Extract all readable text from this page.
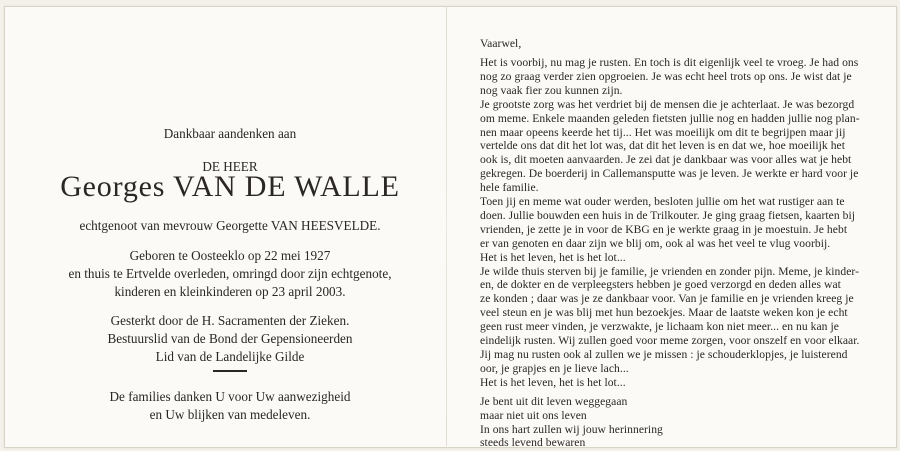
Dankbaar aandenken aan
DE HEER
Georges VAN DE WALLE
echtgenoot van mevrouw Georgette VAN HEESVELDE.
Geboren te Oosteeklo op 22 mei 1927
en thuis te Ertvelde overleden, omringd door zijn echtgenote,
kinderen en kleinkinderen op 23 april 2003.
Gesterkt door de H. Sacramenten der Zieken.
Bestuurslid van de Bond der Gepensioneerden
Lid van de Landelijke Gilde
De families danken U voor Uw aanwezigheid
en Uw blijken van medeleven.
Vaarwel,
Het is voorbij, nu mag je rusten. En toch is dit eigenlijk veel te vroeg. Je had ons
nog zo graag verder zien opgroeien. Je was echt heel trots op ons. Je wist dat je
nog vaak fier zou kunnen zijn.
Je grootste zorg was het verdriet bij de mensen die je achterlaat. Je was bezorgd
om meme. Enkele maanden geleden fietsten jullie nog en hadden jullie nog plan-
nen maar opeens keerde het tij... Het was moeilijk om dit te begrijpen maar jij
vertelde ons dat dit het lot was, dat dit het leven is en dat we, hoe moeilijk het
ook is, dit moeten aanvaarden. Je zei dat je dankbaar was voor alles wat je hebt
gekregen. De boerderij in Callemansputte was je leven. Je werkte er hard voor je
hele familie.
Toen jij en meme wat ouder werden, besloten jullie om het wat rustiger aan te
doen. Jullie bouwden een huis in de Trilkouter. Je ging graag fietsen, kaarten bij
vrienden, je zette je in voor de KBG en je werkte graag in je moestuin. Je hebt
er van genoten en daar zijn we blij om, ook al was het veel te vlug voorbij.
Het is het leven, het is het lot...
Je wilde thuis sterven bij je familie, je vrienden en zonder pijn. Meme, je kinder-
en, de dokter en de verpleegsters hebben je goed verzorgd en deden alles wat
ze konden ; daar was je ze dankbaar voor. Van je familie en je vrienden kreeg je
veel steun en je was blij met hun bezoekjes. Maar de laatste weken kon je echt
geen rust meer vinden, je verzwakte, je lichaam kon niet meer... en nu kan je
eindelijk rusten. Wij zullen goed voor meme zorgen, voor onszelf en voor elkaar.
Jij mag nu rusten ook al zullen we je missen : je schouderklopjes, je luisterend
oor, je grapjes en je lieve lach...
Het is het leven, het is het lot...
Je bent uit dit leven weggegaan
maar niet uit ons leven
In ons hart zullen wij jouw herinnering
steeds levend bewaren
